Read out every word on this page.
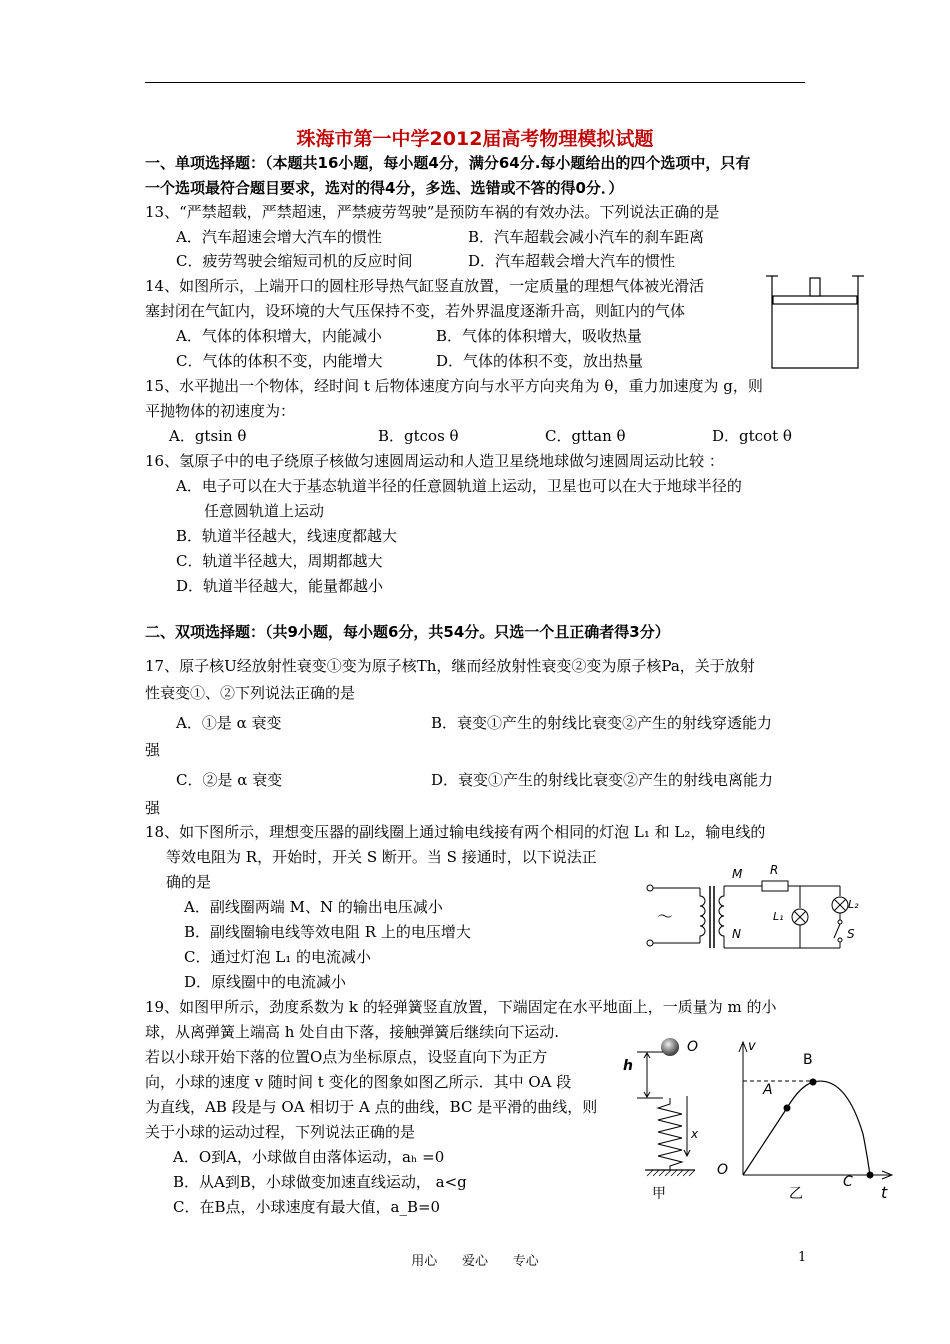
珠海市第一中学2012届高考物理模拟试题
一、单项选择题：（本题共16小题，每小题4分，满分64分.每小题给出的四个选项中，只有
一个选项最符合题目要求，选对的得4分，多选、选错或不答的得0分．）
13、“严禁超载，严禁超速，严禁疲劳驾驶”是预防车祸的有效办法。下列说法正确的是
A．汽车超速会增大汽车的惯性	B．汽车超载会减小汽车的刹车距离
C．疲劳驾驶会缩短司机的反应时间	D．汽车超载会增大汽车的惯性
14、如图所示，上端开口的圆柱形导热气缸竖直放置，一定质量的理想气体被光滑活
塞封闭在气缸内，设环境的大气压保持不变，若外界温度逐渐升高，则缸内的气体
A．气体的体积增大，内能减小	B．气体的体积增大，吸收热量
C．气体的体积不变，内能增大	D．气体的体积不变，放出热量
15、水平抛出一个物体，经时间 t 后物体速度方向与水平方向夹角为 θ，重力加速度为 g，则
平抛物体的初速度为：
A．gtsin θ	B．gtcos θ	C．gttan θ	D．gtcot θ
16、氢原子中的电子绕原子核做匀速圆周运动和人造卫星绕地球做匀速圆周运动比较 ：
A．电子可以在大于基态轨道半径的任意圆轨道上运动，卫星也可以在大于地球半径的
任意圆轨道上运动
B．轨道半径越大，线速度都越大
C．轨道半径越大，周期都越大
D．轨道半径越大，能量都越小
二、双项选择题：（共9小题，每小题6分，共54分。只选一个且正确者得3分）
17、原子核U经放射性衰变①变为原子核Th，继而经放射性衰变②变为原子核Pa，关于放射
性衰变①、②下列说法正确的是
A．①是 α 衰变	B．衰变①产生的射线比衰变②产生的射线穿透能力
强
C．②是 α 衰变	D．衰变①产生的射线比衰变②产生的射线电离能力
强
18、如下图所示，理想变压器的副线圈上通过输电线接有两个相同的灯泡 L₁ 和 L₂，输电线的
等效电阻为 R，开始时，开关 S 断开。当 S 接通时，以下说法正
确的是
A．副线圈两端 M、N 的输出电压减小
B．副线圈输电线等效电阻 R 上的电压增大
C．通过灯泡 L₁ 的电流减小
D．原线圈中的电流减小
～
M
N
R
L₁
L₂
S
19、如图甲所示，劲度系数为 k 的轻弹簧竖直放置，下端固定在水平地面上，一质量为 m 的小
球，从离弹簧上端高 h 处自由下落，接触弹簧后继续向下运动.
若以小球开始下落的位置O点为坐标原点，设竖直向下为正方
向，小球的速度 v 随时间 t 变化的图象如图乙所示．其中 OA 段
为直线，AB 段是与 OA 相切于 A 点的曲线，BC 是平滑的曲线，则
关于小球的运动过程，下列说法正确的是
A．O到A，小球做自由落体运动，aₕ =0
B．从A到B，小球做变加速直线运动， a<g
C．在B点，小球速度有最大值，a_B=0
O
h
x
甲
v
t
O
A
B
C
乙
用心      爱心      专心	1
